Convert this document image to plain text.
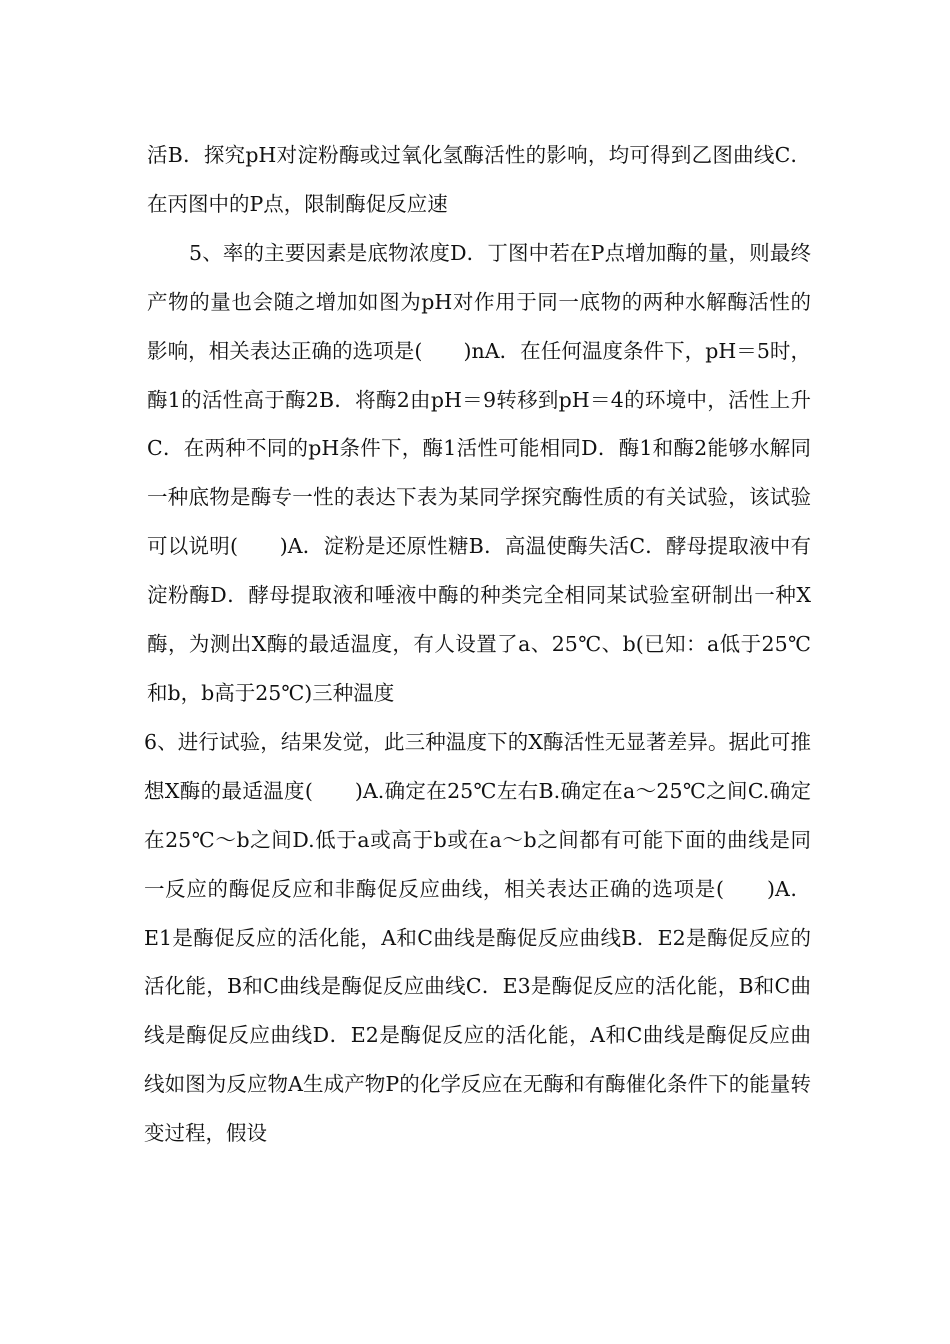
活B．探究pH对淀粉酶或过氧化氢酶活性的影响，均可得到乙图曲线C．在丙图中的P点，限制酶促反应速

5、率的主要因素是底物浓度D．丁图中若在P点增加酶的量，则最终产物的量也会随之增加如图为pH对作用于同一底物的两种水解酶活性的影响，相关表达正确的选项是(　　)nA．在任何温度条件下，pH＝5时，酶1的活性高于酶2B．将酶2由pH＝9转移到pH＝4的环境中，活性上升C．在两种不同的pH条件下，酶1活性可能相同D．酶1和酶2能够水解同一种底物是酶专一性的表达下表为某同学探究酶性质的有关试验，该试验可以说明(　　)A．淀粉是还原性糖B．高温使酶失活C．酵母提取液中有淀粉酶D．酵母提取液和唾液中酶的种类完全相同某试验室研制出一种X酶，为测出X酶的最适温度，有人设置了a、25℃、b(已知：a低于25℃和b，b高于25℃)三种温度

6、进行试验，结果发觉，此三种温度下的X酶活性无显著差异。据此可推想X酶的最适温度(　　)A.确定在25℃左右B.确定在a～25℃之间C.确定在25℃～b之间D.低于a或高于b或在a～b之间都有可能下面的曲线是同一反应的酶促反应和非酶促反应曲线，相关表达正确的选项是(　　)A．E1是酶促反应的活化能，A和C曲线是酶促反应曲线B．E2是酶促反应的活化能，B和C曲线是酶促反应曲线C．E3是酶促反应的活化能，B和C曲线是酶促反应曲线D．E2是酶促反应的活化能，A和C曲线是酶促反应曲线如图为反应物A生成产物P的化学反应在无酶和有酶催化条件下的能量转变过程，假设
